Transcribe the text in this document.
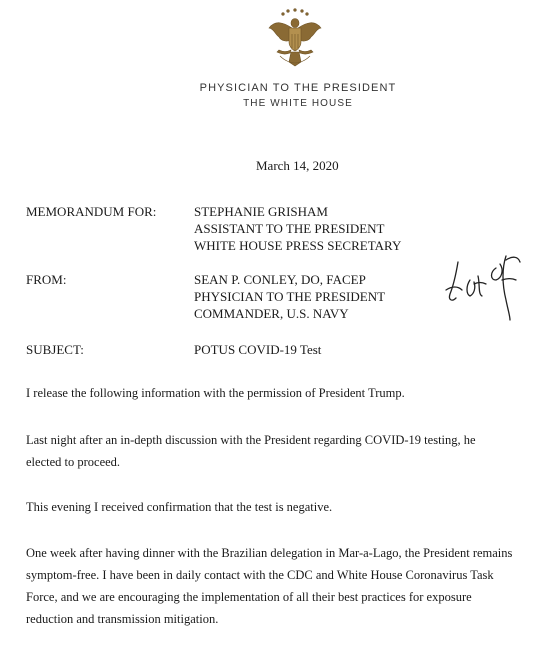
PHYSICIAN TO THE PRESIDENT
THE WHITE HOUSE
March 14, 2020
MEMORANDUM FOR:	STEPHANIE GRISHAM
ASSISTANT TO THE PRESIDENT
WHITE HOUSE PRESS SECRETARY
FROM:	SEAN P. CONLEY, DO, FACEP
PHYSICIAN TO THE PRESIDENT
COMMANDER, U.S. NAVY
SUBJECT:	POTUS COVID-19 Test
I release the following information with the permission of President Trump.
Last night after an in-depth discussion with the President regarding COVID-19 testing, he
elected to proceed.
This evening I received confirmation that the test is negative.
One week after having dinner with the Brazilian delegation in Mar-a-Lago, the President remains
symptom-free. I have been in daily contact with the CDC and White House Coronavirus Task
Force, and we are encouraging the implementation of all their best practices for exposure
reduction and transmission mitigation.
